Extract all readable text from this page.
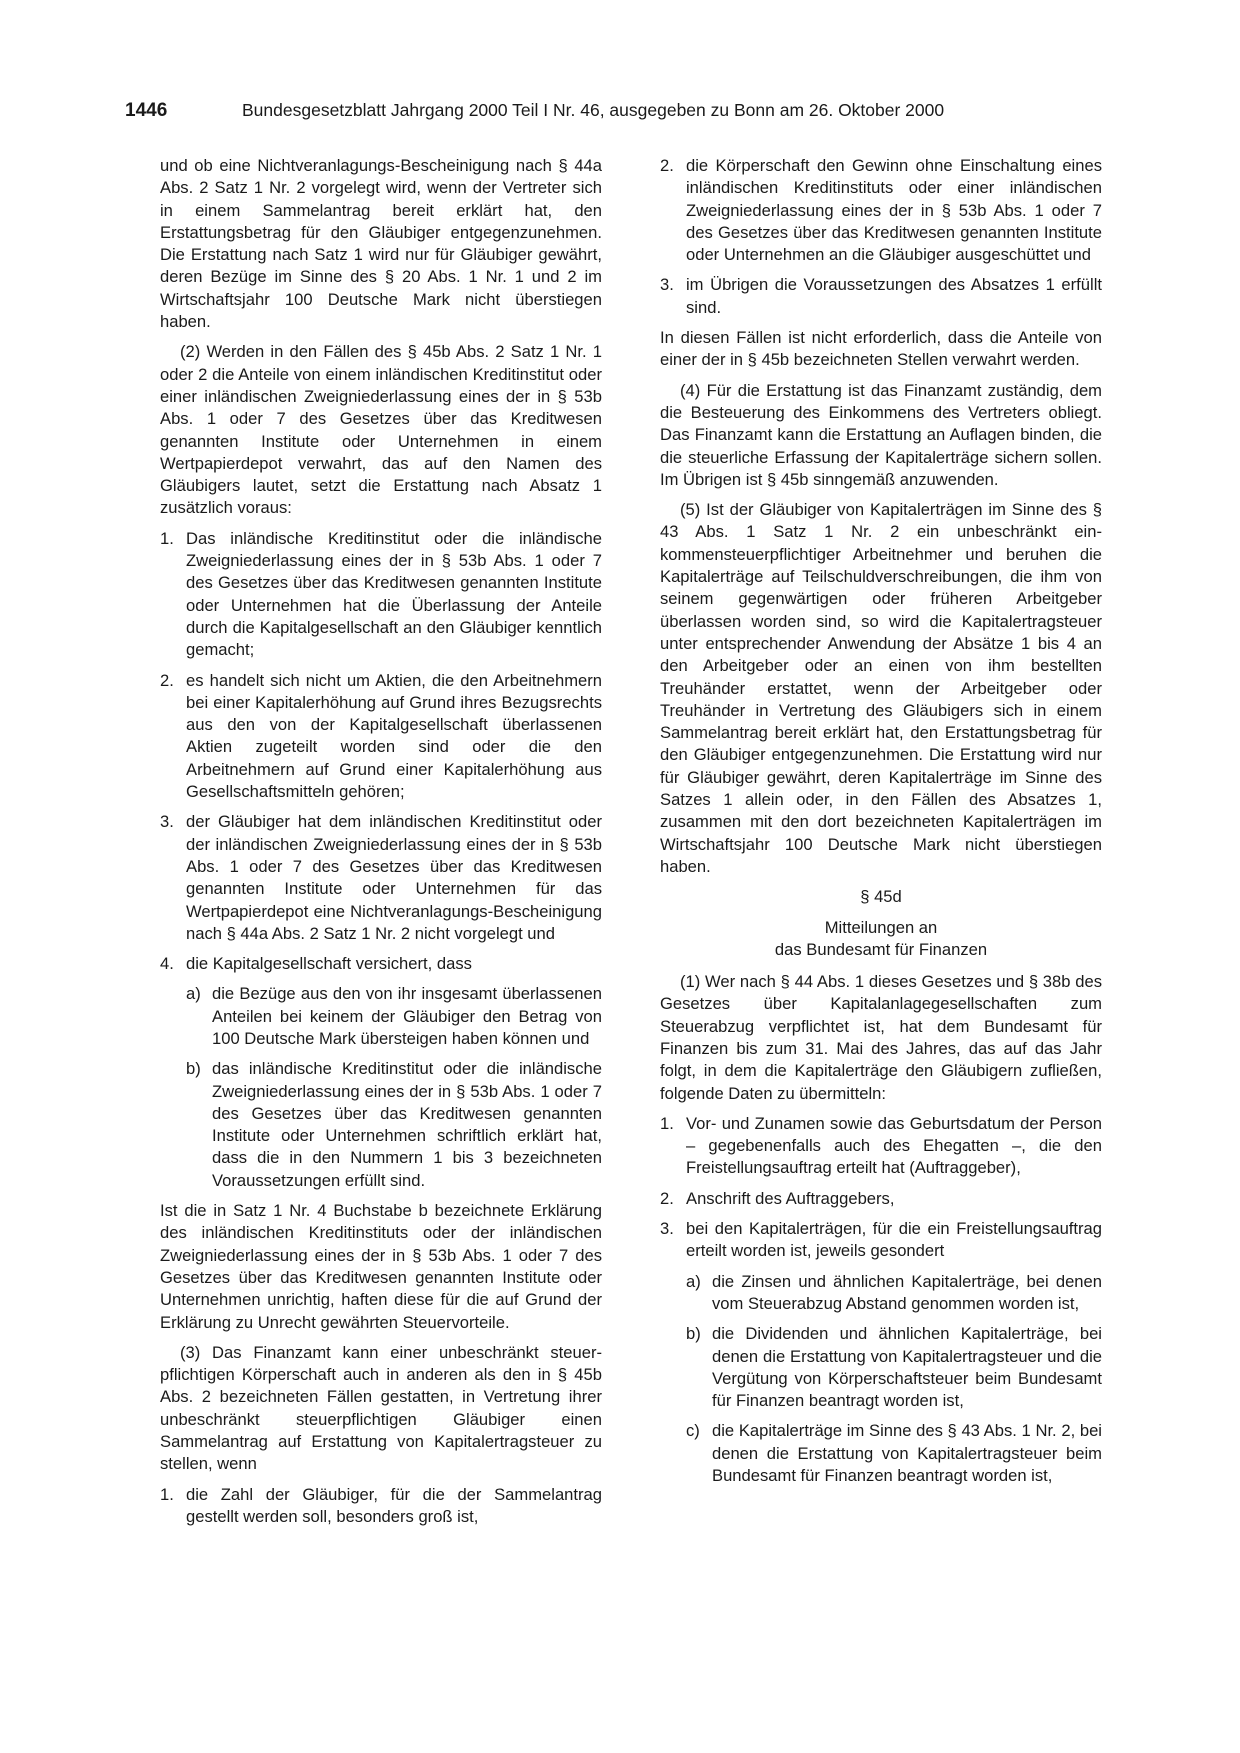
1446	Bundesgesetzblatt Jahrgang 2000 Teil I Nr. 46, ausgegeben zu Bonn am 26. Oktober 2000

und ob eine Nichtveranlagungs-Bescheinigung nach § 44a Abs. 2 Satz 1 Nr. 2 vorgelegt wird, wenn der Vertreter sich in einem Sammelantrag bereit erklärt hat, den Erstattungsbetrag für den Gläubiger entgegenzunehmen. Die Erstattung nach Satz 1 wird nur für Gläubiger gewährt, deren Bezüge im Sinne des § 20 Abs. 1 Nr. 1 und 2 im Wirtschaftsjahr 100 Deutsche Mark nicht überstiegen haben.

(2) Werden in den Fällen des § 45b Abs. 2 Satz 1 Nr. 1 oder 2 die Anteile von einem inländischen Kreditinstitut oder einer inländischen Zweigniederlassung eines der in § 53b Abs. 1 oder 7 des Gesetzes über das Kreditwesen genannten Institute oder Unternehmen in einem Wertpapierdepot verwahrt, das auf den Namen des Gläubigers lautet, setzt die Erstattung nach Absatz 1 zusätzlich voraus:

1. Das inländische Kreditinstitut oder die inländische Zweigniederlassung eines der in § 53b Abs. 1 oder 7 des Gesetzes über das Kreditwesen genannten Institute oder Unternehmen hat die Überlassung der Anteile durch die Kapitalgesellschaft an den Gläubiger kenntlich gemacht;
2. es handelt sich nicht um Aktien, die den Arbeitnehmern bei einer Kapitalerhöhung auf Grund ihres Bezugsrechts aus den von der Kapitalgesellschaft überlassenen Aktien zugeteilt worden sind oder die den Arbeitnehmern auf Grund einer Kapitalerhöhung aus Gesellschaftsmitteln gehören;
3. der Gläubiger hat dem inländischen Kreditinstitut oder der inländischen Zweigniederlassung eines der in § 53b Abs. 1 oder 7 des Gesetzes über das Kreditwesen genannten Institute oder Unternehmen für das Wertpapierdepot eine Nichtveranlagungs-Bescheinigung nach § 44a Abs. 2 Satz 1 Nr. 2 nicht vorgelegt und
4. die Kapitalgesellschaft versichert, dass
a) die Bezüge aus den von ihr insgesamt überlassenen Anteilen bei keinem der Gläubiger den Betrag von 100 Deutsche Mark übersteigen haben können und
b) das inländische Kreditinstitut oder die inländische Zweigniederlassung eines der in § 53b Abs. 1 oder 7 des Gesetzes über das Kreditwesen genannten Institute oder Unternehmen schriftlich erklärt hat, dass die in den Nummern 1 bis 3 bezeichneten Voraussetzungen erfüllt sind.

Ist die in Satz 1 Nr. 4 Buchstabe b bezeichnete Erklärung des inländischen Kreditinstituts oder der inländischen Zweigniederlassung eines der in § 53b Abs. 1 oder 7 des Gesetzes über das Kreditwesen genannten Institute oder Unternehmen unrichtig, haften diese für die auf Grund der Erklärung zu Unrecht gewährten Steuervorteile.

(3) Das Finanzamt kann einer unbeschränkt steuerpflichtigen Körperschaft auch in anderen als den in § 45b Abs. 2 bezeichneten Fällen gestatten, in Vertretung ihrer unbeschränkt steuerpflichtigen Gläubiger einen Sammelantrag auf Erstattung von Kapitalertragsteuer zu stellen, wenn

1. die Zahl der Gläubiger, für die der Sammelantrag gestellt werden soll, besonders groß ist,
2. die Körperschaft den Gewinn ohne Einschaltung eines inländischen Kreditinstituts oder einer inländischen Zweigniederlassung eines der in § 53b Abs. 1 oder 7 des Gesetzes über das Kreditwesen genannten Institute oder Unternehmen an die Gläubiger ausgeschüttet und
3. im Übrigen die Voraussetzungen des Absatzes 1 erfüllt sind.

In diesen Fällen ist nicht erforderlich, dass die Anteile von einer der in § 45b bezeichneten Stellen verwahrt werden.

(4) Für die Erstattung ist das Finanzamt zuständig, dem die Besteuerung des Einkommens des Vertreters obliegt. Das Finanzamt kann die Erstattung an Auflagen binden, die die steuerliche Erfassung der Kapitalerträge sichern sollen. Im Übrigen ist § 45b sinngemäß anzuwenden.

(5) Ist der Gläubiger von Kapitalerträgen im Sinne des § 43 Abs. 1 Satz 1 Nr. 2 ein unbeschränkt einkommensteuerpflichtiger Arbeitnehmer und beruhen die Kapitalerträge auf Teilschuldverschreibungen, die ihm von seinem gegenwärtigen oder früheren Arbeitgeber überlassen worden sind, so wird die Kapitalertragsteuer unter entsprechender Anwendung der Absätze 1 bis 4 an den Arbeitgeber oder an einen von ihm bestellten Treuhänder erstattet, wenn der Arbeitgeber oder Treuhänder in Vertretung des Gläubigers sich in einem Sammelantrag bereit erklärt hat, den Erstattungsbetrag für den Gläubiger entgegenzunehmen. Die Erstattung wird nur für Gläubiger gewährt, deren Kapitalerträge im Sinne des Satzes 1 allein oder, in den Fällen des Absatzes 1, zusammen mit den dort bezeichneten Kapitalerträgen im Wirtschaftsjahr 100 Deutsche Mark nicht überstiegen haben.

§ 45d
Mitteilungen an
das Bundesamt für Finanzen

(1) Wer nach § 44 Abs. 1 dieses Gesetzes und § 38b des Gesetzes über Kapitalanlagegesellschaften zum Steuerabzug verpflichtet ist, hat dem Bundesamt für Finanzen bis zum 31. Mai des Jahres, das auf das Jahr folgt, in dem die Kapitalerträge den Gläubigern zufließen, folgende Daten zu übermitteln:

1. Vor- und Zunamen sowie das Geburtsdatum der Person – gegebenenfalls auch des Ehegatten –, die den Freistellungsauftrag erteilt hat (Auftraggeber),
2. Anschrift des Auftraggebers,
3. bei den Kapitalerträgen, für die ein Freistellungsauftrag erteilt worden ist, jeweils gesondert
a) die Zinsen und ähnlichen Kapitalerträge, bei denen vom Steuerabzug Abstand genommen worden ist,
b) die Dividenden und ähnlichen Kapitalerträge, bei denen die Erstattung von Kapitalertragsteuer und die Vergütung von Körperschaftsteuer beim Bundesamt für Finanzen beantragt worden ist,
c) die Kapitalerträge im Sinne des § 43 Abs. 1 Nr. 2, bei denen die Erstattung von Kapitalertragsteuer beim Bundesamt für Finanzen beantragt worden ist,
